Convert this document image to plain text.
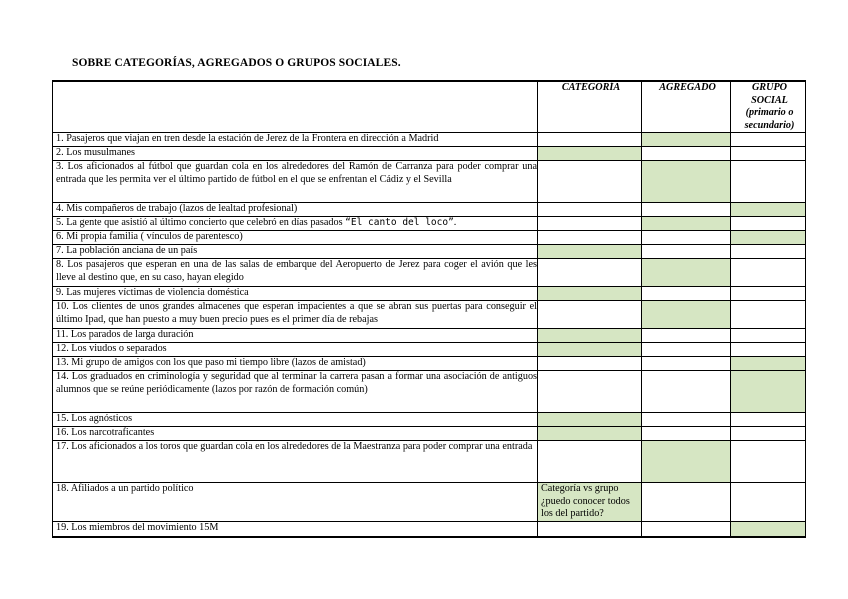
SOBRE CATEGORÍAS, AGREGADOS O GRUPOS SOCIALES.
	CATEGORÍA	AGREGADO	GRUPO
SOCIAL
(primario o
secundario)

1. Pasajeros que viajan en tren desde la estación de Jerez de la Frontera en dirección a Madrid			
2. Los musulmanes			
3. Los aficionados al fútbol que guardan cola en los alrededores del Ramón de Carranza para poder comprar una entrada que les permita ver el último partido de fútbol en el que se enfrentan el Cádiz y el Sevilla			
4. Mis compañeros de trabajo (lazos de lealtad profesional)			
5. La gente que asistió al último concierto que celebró en días pasados “El canto del loco”.			
6. Mi propia familia ( vínculos de parentesco)			
7. La población anciana de un país			
8. Los pasajeros que esperan en una de las salas de embarque del Aeropuerto de Jerez para coger el avión que les lleve al destino que, en su caso, hayan elegido			
9. Las mujeres víctimas de violencia doméstica			
10. Los clientes de unos grandes almacenes que esperan impacientes a que se abran sus puertas para conseguir el último Ipad, que han puesto a muy buen precio pues es el primer día de rebajas			
11. Los parados de larga duración			
12. Los viudos o separados			
13. Mi grupo de amigos con los que paso mi tiempo libre (lazos de amistad)			
14. Los graduados en criminología y seguridad que al terminar la carrera pasan a formar una asociación de antiguos alumnos que se reúne periódicamente (lazos por razón de formación común)			
15. Los agnósticos			
16. Los narcotraficantes			
17. Los aficionados a los toros que guardan cola en los alrededores de la Maestranza para poder comprar una entrada			
18. Afiliados a un partido político	Categoría vs grupo ¿puedo conocer todos los del partido?		
19. Los miembros del movimiento 15M			
